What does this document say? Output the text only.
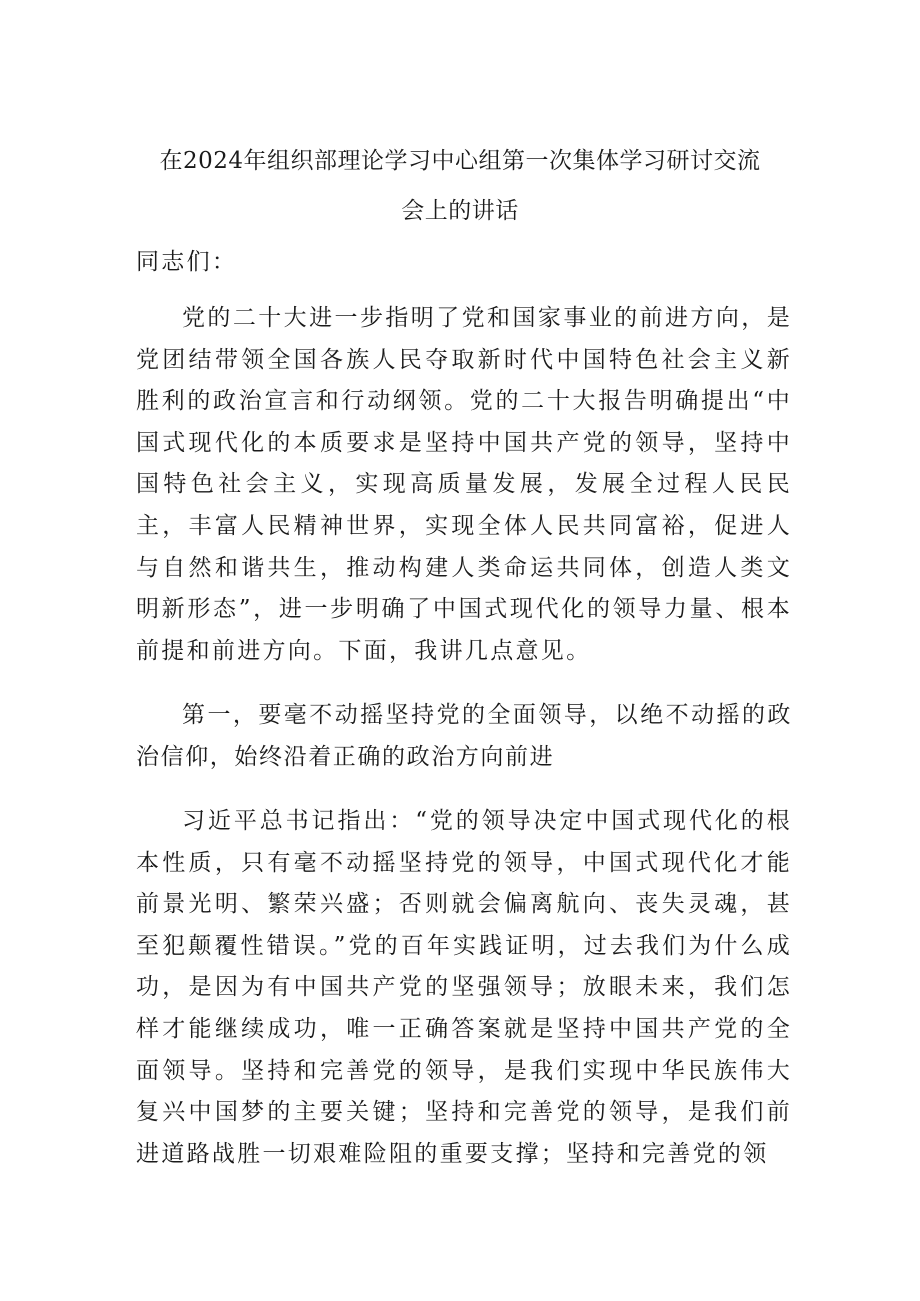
在2024年组织部理论学习中心组第一次集体学习研讨交流
会上的讲话
同志们：
党的二十大进一步指明了党和国家事业的前进方向，是党团结带领全国各族人民夺取新时代中国特色社会主义新胜利的政治宣言和行动纲领。党的二十大报告明确提出“中国式现代化的本质要求是坚持中国共产党的领导，坚持中国特色社会主义，实现高质量发展，发展全过程人民民主，丰富人民精神世界，实现全体人民共同富裕，促进人与自然和谐共生，推动构建人类命运共同体，创造人类文明新形态”，进一步明确了中国式现代化的领导力量、根本前提和前进方向。下面，我讲几点意见。
第一，要毫不动摇坚持党的全面领导，以绝不动摇的政治信仰，始终沿着正确的政治方向前进
习近平总书记指出：“党的领导决定中国式现代化的根本性质，只有毫不动摇坚持党的领导，中国式现代化才能前景光明、繁荣兴盛；否则就会偏离航向、丧失灵魂，甚至犯颠覆性错误。”党的百年实践证明，过去我们为什么成功，是因为有中国共产党的坚强领导；放眼未来，我们怎样才能继续成功，唯一正确答案就是坚持中国共产党的全面领导。坚持和完善党的领导，是我们实现中华民族伟大复兴中国梦的主要关键；坚持和完善党的领导，是我们前进道路战胜一切艰难险阻的重要支撑；坚持和完善党的领
